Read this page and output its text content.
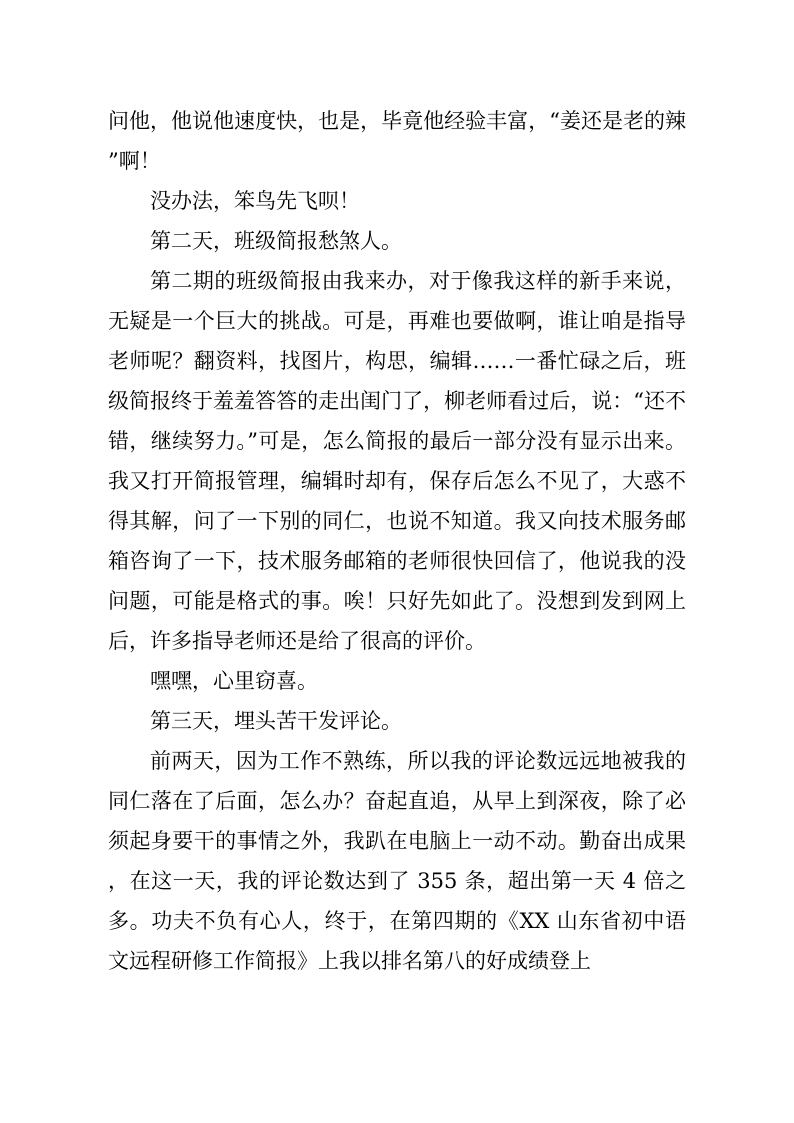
问他，他说他速度快，也是，毕竟他经验丰富，“姜还是老的辣”啊！

没办法，笨鸟先飞呗！

第二天，班级简报愁煞人。

第二期的班级简报由我来办，对于像我这样的新手来说，无疑是一个巨大的挑战。可是，再难也要做啊，谁让咱是指导老师呢？翻资料，找图片，构思，编辑……一番忙碌之后，班级简报终于羞羞答答的走出闺门了，柳老师看过后，说：“还不错，继续努力。”可是，怎么简报的最后一部分没有显示出来。我又打开简报管理，编辑时却有，保存后怎么不见了，大惑不得其解，问了一下别的同仁，也说不知道。我又向技术服务邮箱咨询了一下，技术服务邮箱的老师很快回信了，他说我的没问题，可能是格式的事。唉！只好先如此了。没想到发到网上后，许多指导老师还是给了很高的评价。

嘿嘿，心里窃喜。

第三天，埋头苦干发评论。

前两天，因为工作不熟练，所以我的评论数远远地被我的同仁落在了后面，怎么办？奋起直追，从早上到深夜，除了必须起身要干的事情之外，我趴在电脑上一动不动。勤奋出成果，在这一天，我的评论数达到了 355 条，超出第一天 4 倍之多。功夫不负有心人，终于，在第四期的《XX 山东省初中语文远程研修工作简报》上我以排名第八的好成绩登上
